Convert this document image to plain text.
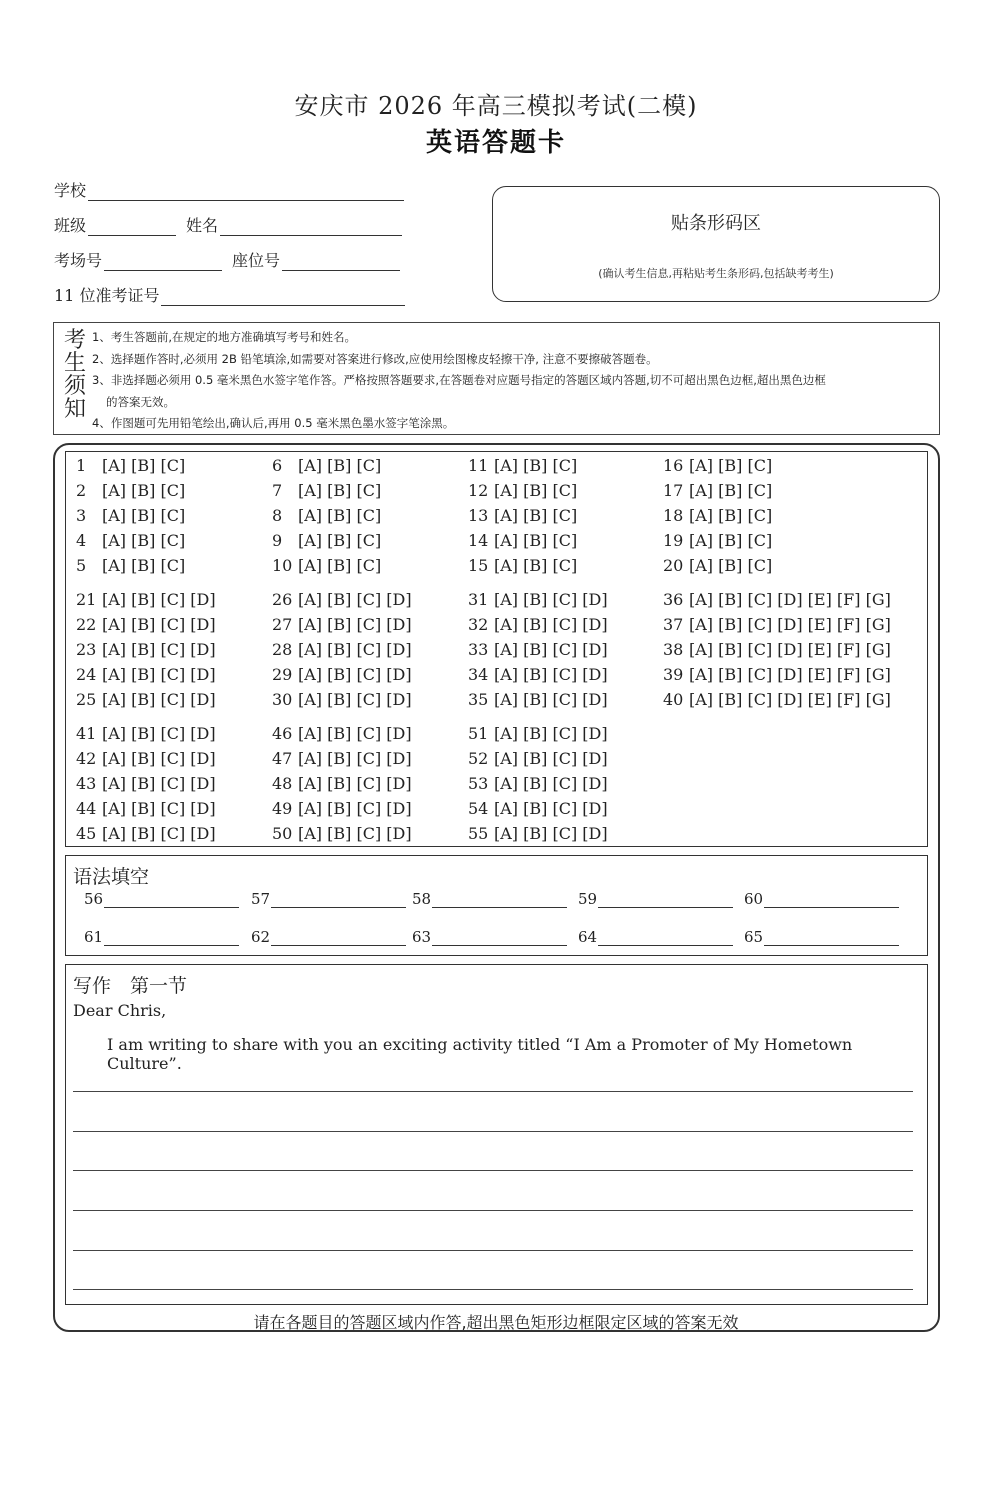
安庆市 2026 年高三模拟考试(二模)
英语答题卡
学校
班级	姓名
考场号	座位号
11 位准考证号
贴条形码区
(确认考生信息,再粘贴考生条形码,包括缺考考生)
考
生
须
知
1、考生答题前,在规定的地方准确填写考号和姓名。
2、选择题作答时,必须用 2B 铅笔填涂,如需要对答案进行修改,应使用绘图橡皮轻擦干净, 注意不要擦破答题卷。
3、非选择题必须用 0.5 毫米黑色水签字笔作答。严格按照答题要求,在答题卷对应题号指定的答题区域内答题,切不可超出黑色边框,超出黑色边框
的答案无效。
4、作图题可先用铅笔绘出,确认后,再用 0.5 毫米黑色墨水签字笔涂黑。
1 [A] [B] [C]
2 [A] [B] [C]
3 [A] [B] [C]
4 [A] [B] [C]
5 [A] [B] [C]
6 [A] [B] [C]
7 [A] [B] [C]
8 [A] [B] [C]
9 [A] [B] [C]
10 [A] [B] [C]
11 [A] [B] [C]
12 [A] [B] [C]
13 [A] [B] [C]
14 [A] [B] [C]
15 [A] [B] [C]
16 [A] [B] [C]
17 [A] [B] [C]
18 [A] [B] [C]
19 [A] [B] [C]
20 [A] [B] [C]
21 [A] [B] [C] [D]
22 [A] [B] [C] [D]
23 [A] [B] [C] [D]
24 [A] [B] [C] [D]
25 [A] [B] [C] [D]
26 [A] [B] [C] [D]
27 [A] [B] [C] [D]
28 [A] [B] [C] [D]
29 [A] [B] [C] [D]
30 [A] [B] [C] [D]
31 [A] [B] [C] [D]
32 [A] [B] [C] [D]
33 [A] [B] [C] [D]
34 [A] [B] [C] [D]
35 [A] [B] [C] [D]
36 [A] [B] [C] [D] [E] [F] [G]
37 [A] [B] [C] [D] [E] [F] [G]
38 [A] [B] [C] [D] [E] [F] [G]
39 [A] [B] [C] [D] [E] [F] [G]
40 [A] [B] [C] [D] [E] [F] [G]
41 [A] [B] [C] [D]
42 [A] [B] [C] [D]
43 [A] [B] [C] [D]
44 [A] [B] [C] [D]
45 [A] [B] [C] [D]
46 [A] [B] [C] [D]
47 [A] [B] [C] [D]
48 [A] [B] [C] [D]
49 [A] [B] [C] [D]
50 [A] [B] [C] [D]
51 [A] [B] [C] [D]
52 [A] [B] [C] [D]
53 [A] [B] [C] [D]
54 [A] [B] [C] [D]
55 [A] [B] [C] [D]
语法填空
56	57	58	59	60
61	62	63	64	65
写作　第一节
Dear Chris,
I am writing to share with you an exciting activity titled “I Am a Promoter of My Hometown Culture”.
请在各题目的答题区域内作答,超出黑色矩形边框限定区域的答案无效
